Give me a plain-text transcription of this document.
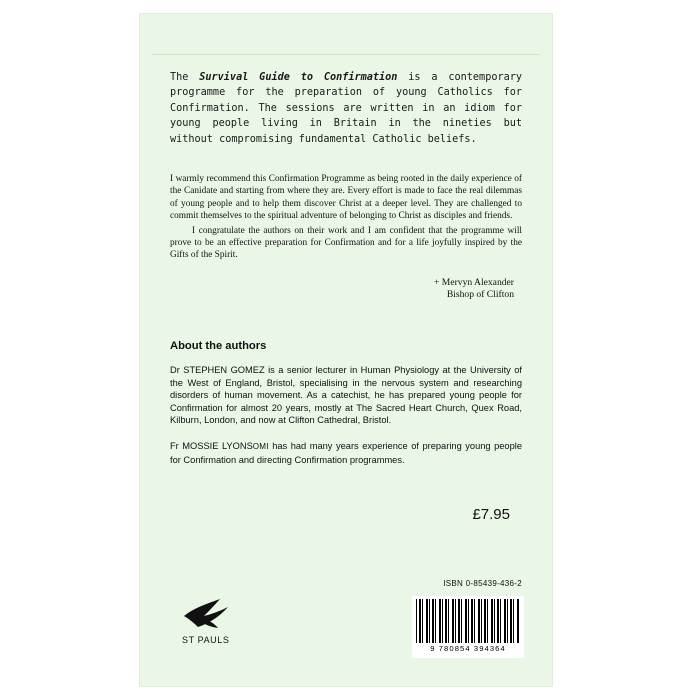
The Survival Guide to Confirmation is a contemporary programme for the preparation of young Catholics for Confirmation. The sessions are written in an idiom for young people living in Britain in the nineties but without compromising fundamental Catholic beliefs.

I warmly recommend this Confirmation Programme as being rooted in the daily experience of the Canidate and starting from where they are. Every effort is made to face the real dilemmas of young people and to help them discover Christ at a deeper level. They are challenged to commit themselves to the spiritual adventure of belonging to Christ as disciples and friends.

I congratulate the authors on their work and I am confident that the programme will prove to be an effective preparation for Confirmation and for a life joyfully inspired by the Gifts of the Spirit.

+ Mervyn Alexander
Bishop of Clifton
About the authors

Dr STEPHEN GOMEZ is a senior lecturer in Human Physiology at the University of the West of England, Bristol, specialising in the nervous system and researching disorders of human movement. As a catechist, he has prepared young people for Confirmation for almost 20 years, mostly at The Sacred Heart Church, Quex Road, Kilburn, London, and now at Clifton Cathedral, Bristol.

Fr MOSSIE LYONSOMI has had many years experience of preparing young people for Confirmation and directing Confirmation programmes.

£7.95
ISBN 0-85439-436-2
9 780854 394364
ST PAULS
